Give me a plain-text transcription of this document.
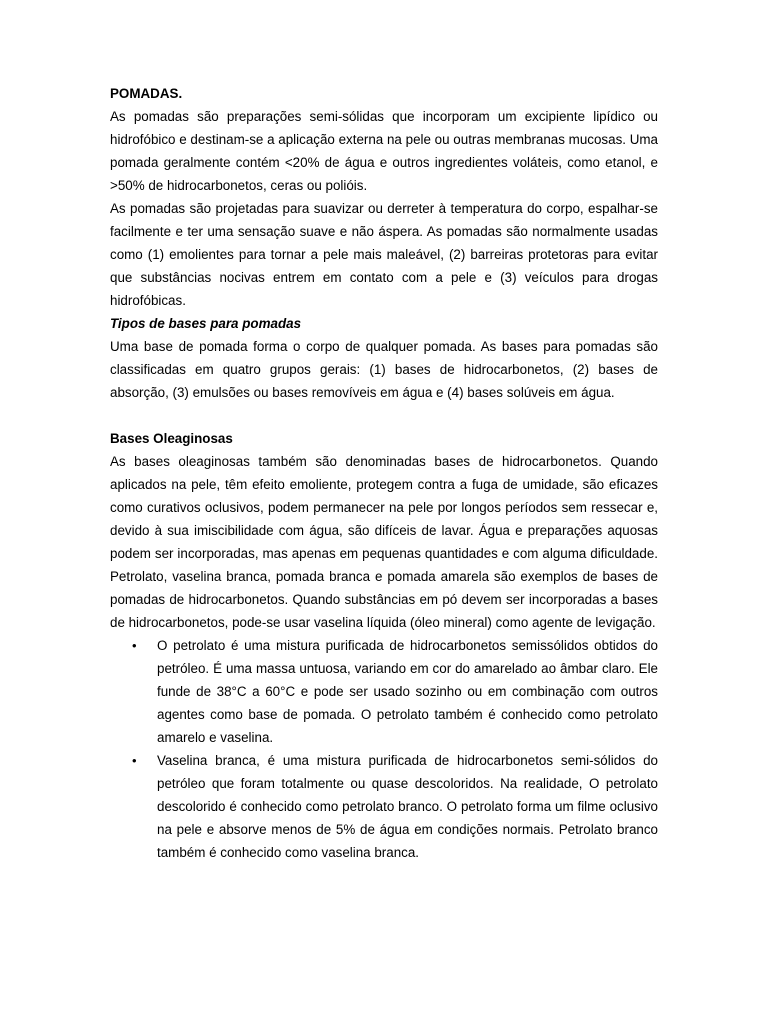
POMADAS.

As pomadas são preparações semi-sólidas que incorporam um excipiente lipídico ou hidrofóbico e destinam-se a aplicação externa na pele ou outras membranas mucosas. Uma pomada geralmente contém <20% de água e outros ingredientes voláteis, como etanol, e >50% de hidrocarbonetos, ceras ou polióis.

As pomadas são projetadas para suavizar ou derreter à temperatura do corpo, espalhar-se facilmente e ter uma sensação suave e não áspera. As pomadas são normalmente usadas como (1) emolientes para tornar a pele mais maleável, (2) barreiras protetoras para evitar que substâncias nocivas entrem em contato com a pele e (3) veículos para drogas hidrofóbicas.

Tipos de bases para pomadas

Uma base de pomada forma o corpo de qualquer pomada. As bases para pomadas são classificadas em quatro grupos gerais: (1) bases de hidrocarbonetos, (2) bases de absorção, (3) emulsões ou bases removíveis em água e (4) bases solúveis em água.

Bases Oleaginosas

As bases oleaginosas também são denominadas bases de hidrocarbonetos. Quando aplicados na pele, têm efeito emoliente, protegem contra a fuga de umidade, são eficazes como curativos oclusivos, podem permanecer na pele por longos períodos sem ressecar e, devido à sua imiscibilidade com água, são difíceis de lavar. Água e preparações aquosas podem ser incorporadas, mas apenas em pequenas quantidades e com alguma dificuldade. Petrolato, vaselina branca, pomada branca e pomada amarela são exemplos de bases de pomadas de hidrocarbonetos. Quando substâncias em pó devem ser incorporadas a bases de hidrocarbonetos, pode-se usar vaselina líquida (óleo mineral) como agente de levigação.

• O petrolato é uma mistura purificada de hidrocarbonetos semissólidos obtidos do petróleo. É uma massa untuosa, variando em cor do amarelado ao âmbar claro. Ele funde de 38°C a 60°C e pode ser usado sozinho ou em combinação com outros agentes como base de pomada. O petrolato também é conhecido como petrolato amarelo e vaselina.
• Vaselina branca, é uma mistura purificada de hidrocarbonetos semi-sólidos do petróleo que foram totalmente ou quase descoloridos. Na realidade, O petrolato descolorido é conhecido como petrolato branco. O petrolato forma um filme oclusivo na pele e absorve menos de 5% de água em condições normais. Petrolato branco também é conhecido como vaselina branca.
